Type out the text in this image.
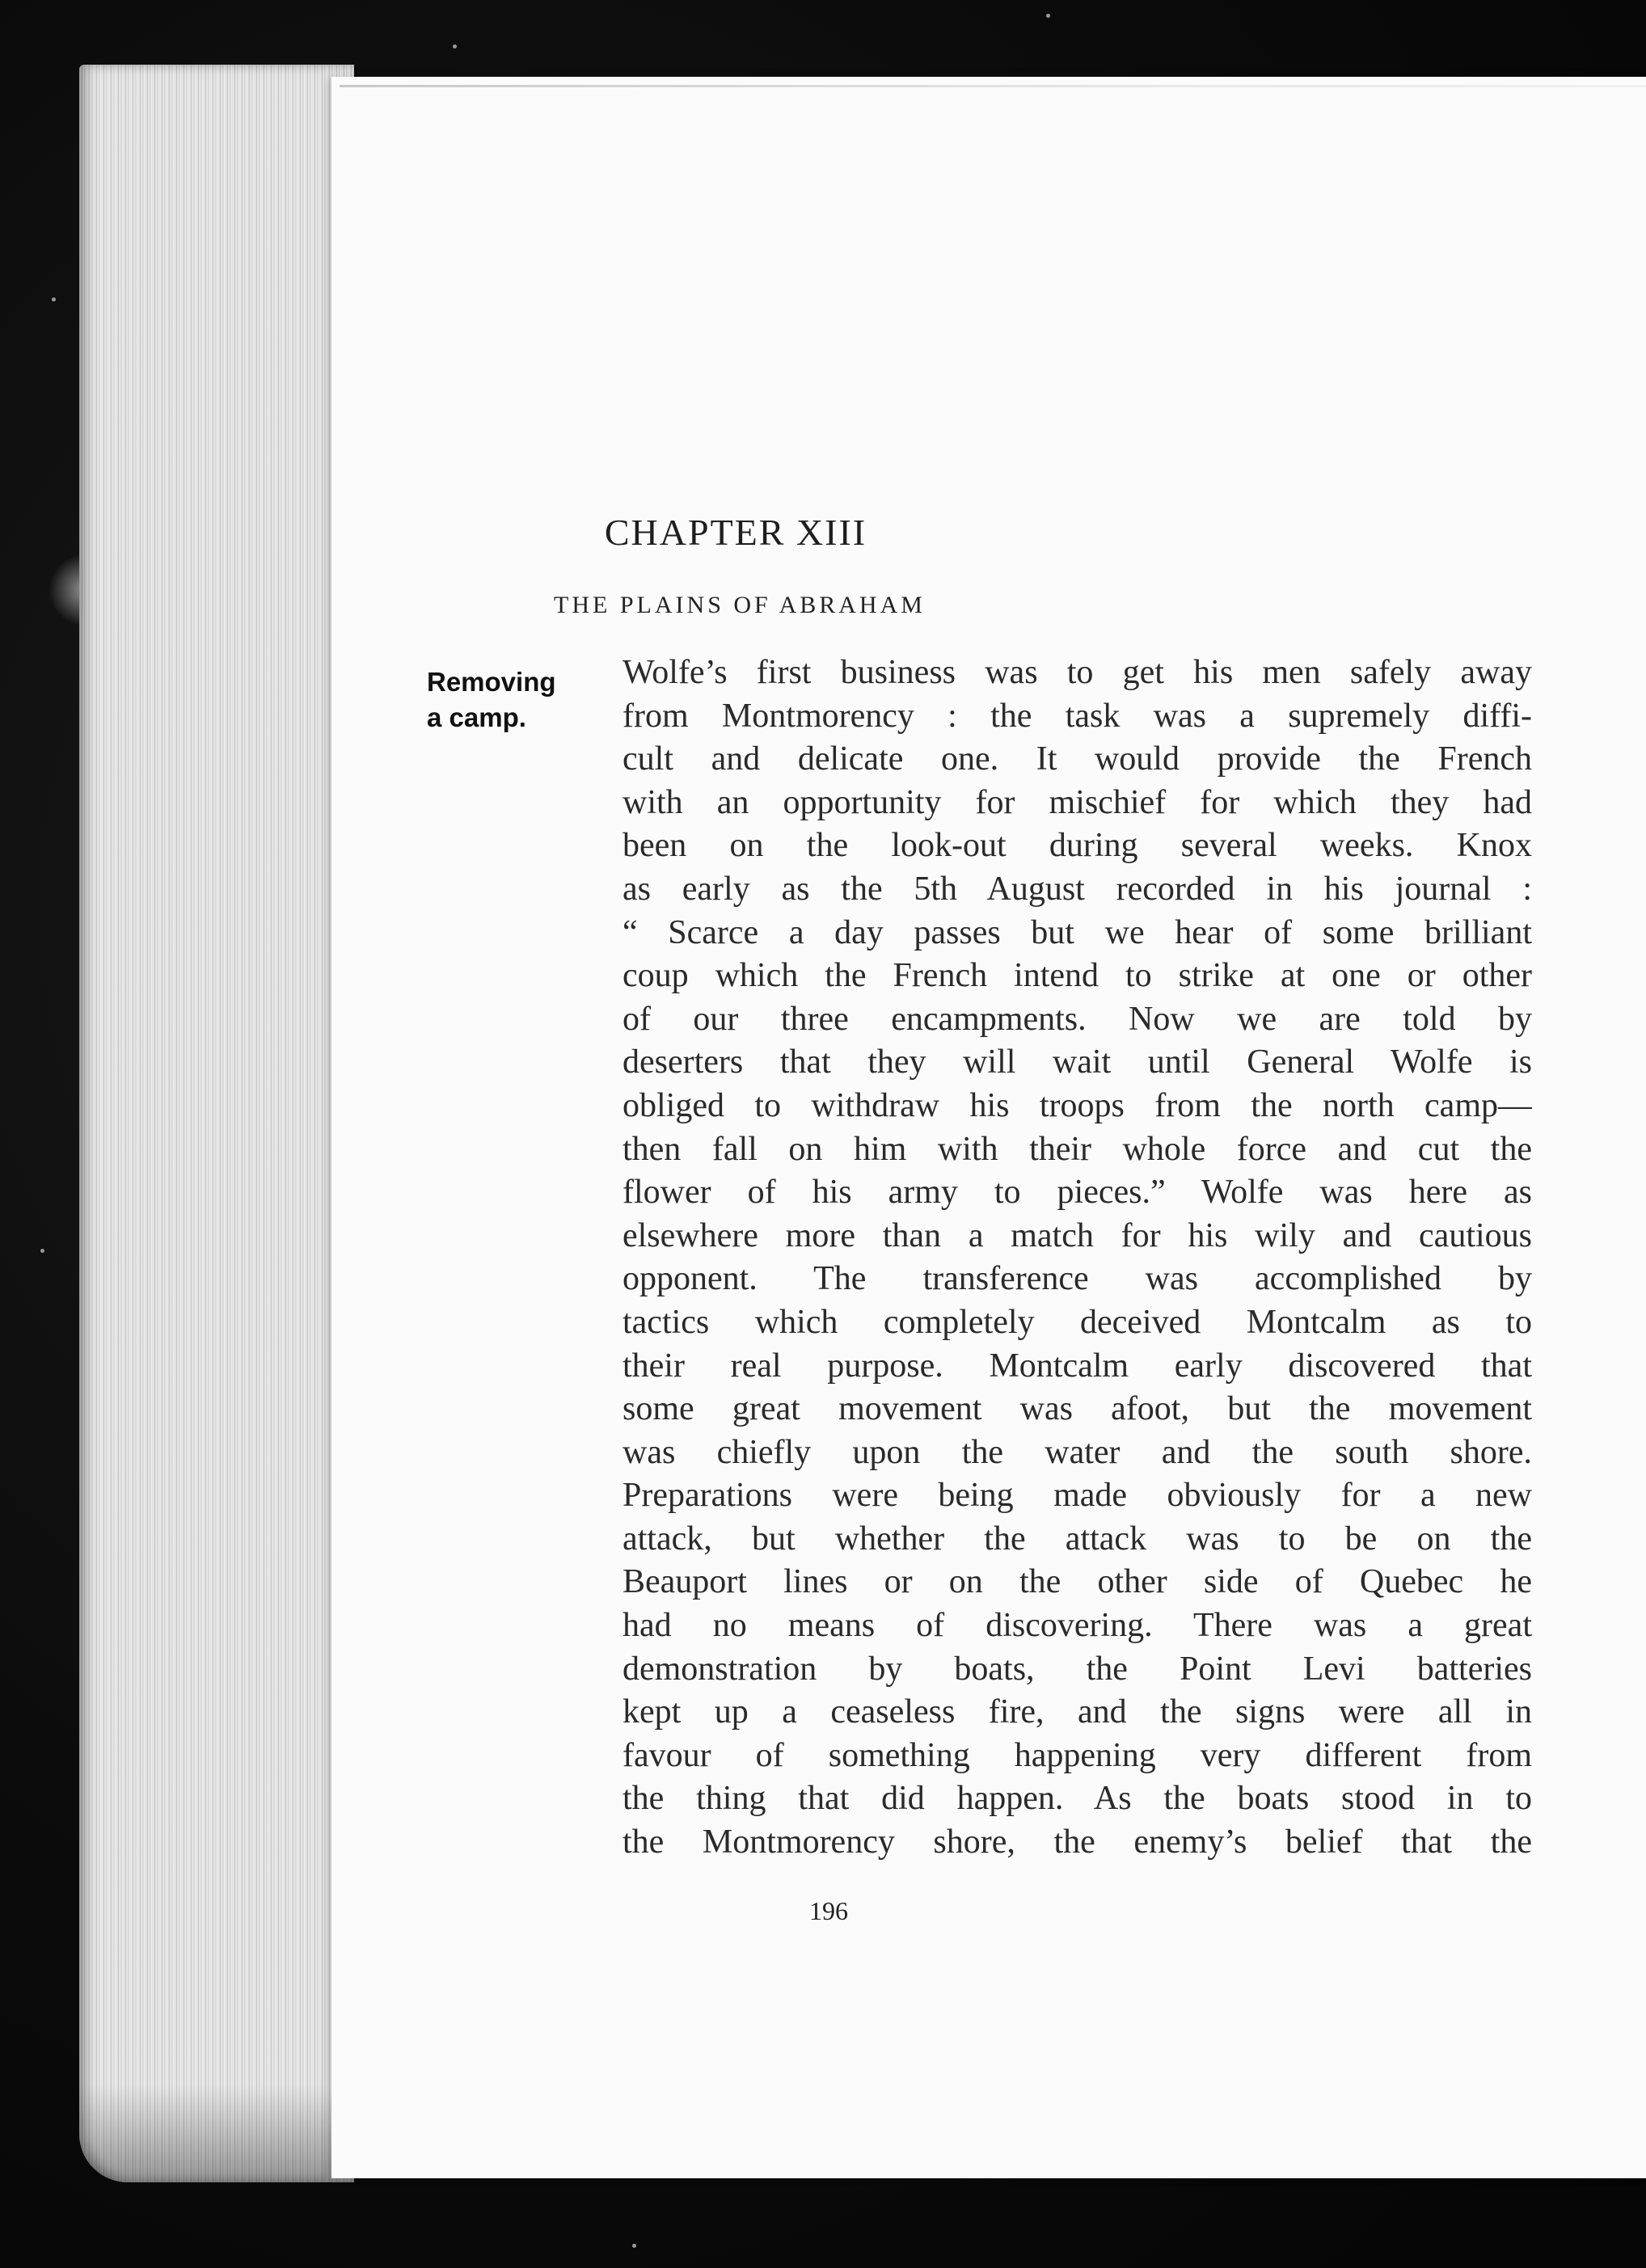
CHAPTER XIII
THE PLAINS OF ABRAHAM
Removing
a camp.
Wolfe’s first business was to get his men safely away
from Montmorency : the task was a supremely diffi-
cult and delicate one. It would provide the French
with an opportunity for mischief for which they had
been on the look-out during several weeks. Knox
as early as the 5th August recorded in his journal :
“ Scarce a day passes but we hear of some brilliant
coup which the French intend to strike at one or other
of our three encampments. Now we are told by
deserters that they will wait until General Wolfe is
obliged to withdraw his troops from the north camp—
then fall on him with their whole force and cut the
flower of his army to pieces.” Wolfe was here as
elsewhere more than a match for his wily and cautious
opponent. The transference was accomplished by
tactics which completely deceived Montcalm as to
their real purpose. Montcalm early discovered that
some great movement was afoot, but the movement
was chiefly upon the water and the south shore.
Preparations were being made obviously for a new
attack, but whether the attack was to be on the
Beauport lines or on the other side of Quebec he
had no means of discovering. There was a great
demonstration by boats, the Point Levi batteries
kept up a ceaseless fire, and the signs were all in
favour of something happening very different from
the thing that did happen. As the boats stood in to
the Montmorency shore, the enemy’s belief that the
196
